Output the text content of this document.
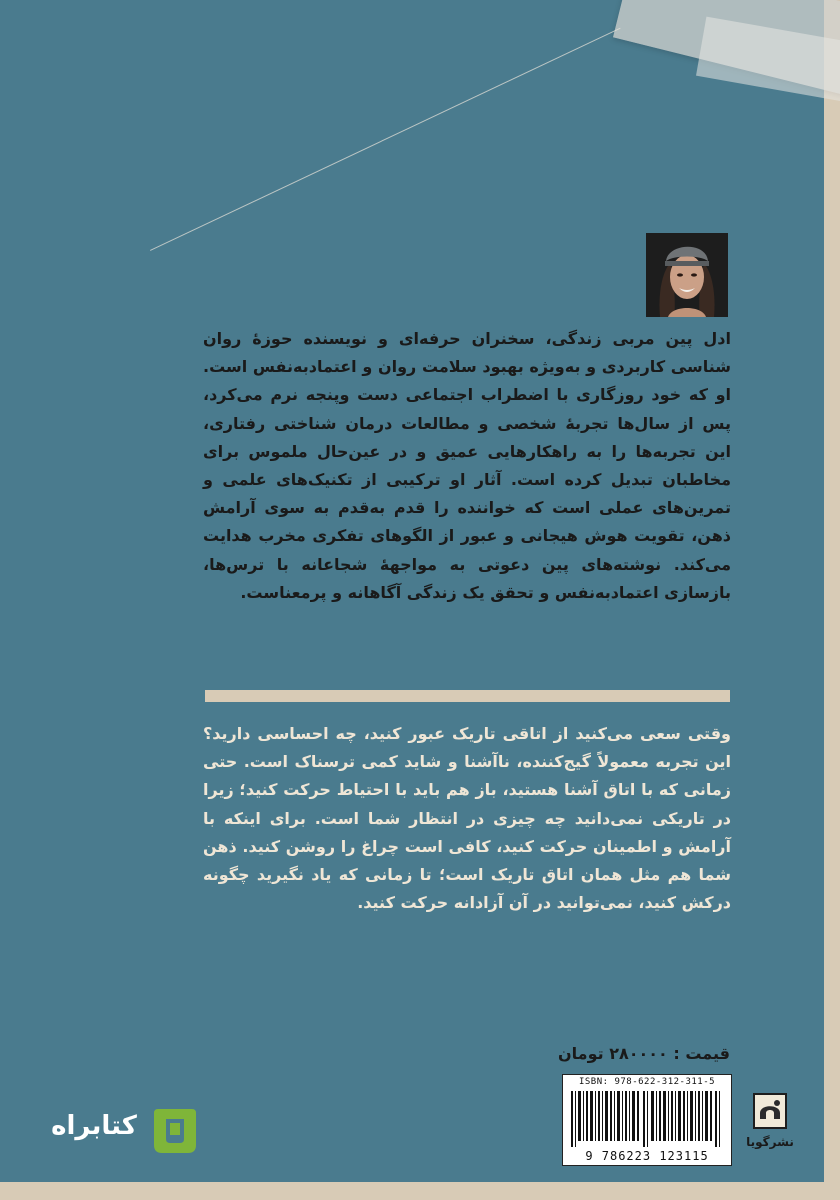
ادل پین مربی زندگی، سخنران حرفه‌ای و نویسنده حوزهٔ روان شناسی کاربردی و به‌ویژه بهبود سلامت روان و اعتمادبه‌نفس است. او که خود روزگاری با اضطراب اجتماعی دست و‌پنجه نرم می‌کرد، پس از سال‌ها تجربهٔ شخصی و مطالعات درمان شناختی رفتاری، این تجربه‌ها را به راهکارهایی عمیق و در عین‌حال ملموس برای مخاطبان تبدیل کرده است. آثار او ترکیبی از تکنیک‌های علمی و تمرین‌های عملی است که خواننده را قدم به‌قدم به سوی آرامش ذهن، تقویت هوش هیجانی و عبور از الگوهای تفکری مخرب هدایت می‌کند. نوشته‌های پین دعوتی به مواجههٔ شجاعانه با ترس‌ها، بازسازی اعتمادبه‌نفس و تحقق یک زندگی آگاهانه و پرمعناست.

وقتی سعی می‌کنید از اتاقی تاریک عبور کنید، چه احساسی دارید؟ این تجربه معمولاً گیج‌کننده، ناآشنا و شاید کمی ترسناک است. حتی زمانی که با اتاق آشنا هستید، باز هم باید با احتیاط حرکت کنید؛ زیرا در تاریکی نمی‌دانید چه چیزی در انتظار شما است. برای اینکه با آرامش و اطمینان حرکت کنید، کافی است چراغ را روشن کنید. ذهن شما هم مثل همان اتاق تاریک است؛ تا زمانی که یاد نگیرید چگونه درکش کنید، نمی‌توانید در آن آزادانه حرکت کنید.

قیمت : ۲۸۰۰۰۰ تومان
ISBN: 978-622-312-311-5
9 786223 123115
نشرگویا
کتابراه
